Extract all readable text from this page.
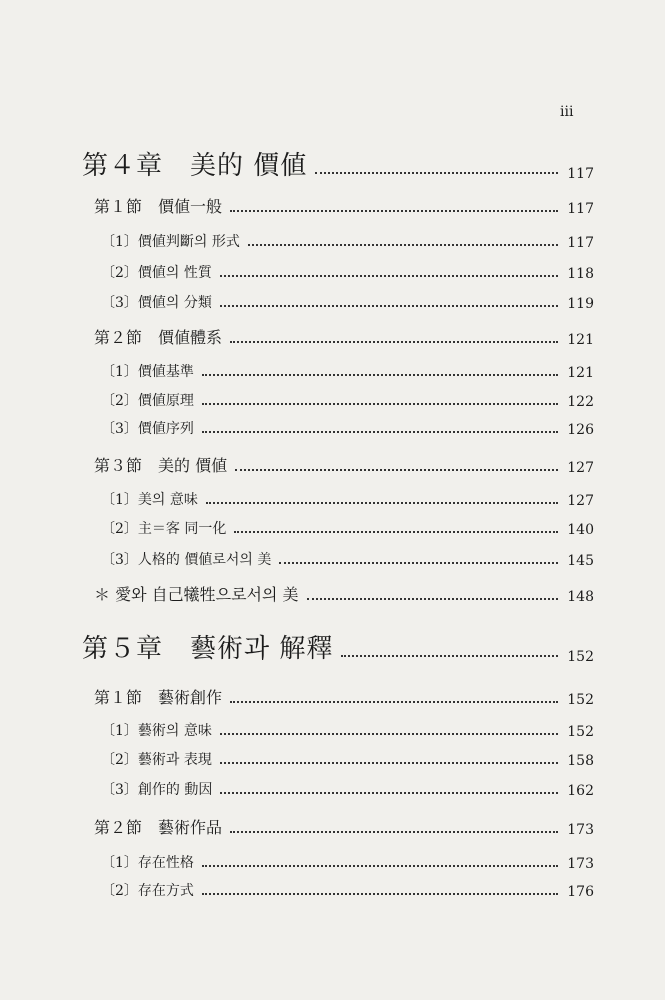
iii
第４章　美的 價値	117
第１節　價値一般	117
〔1〕價値判斷의 形式	117
〔2〕價値의 性質	118
〔3〕價値의 分類	119
第２節　價値體系	121
〔1〕價値基準	121
〔2〕價値原理	122
〔3〕價値序列	126
第３節　美的 價値	127
〔1〕美의 意味	127
〔2〕主＝客 同一化	140
〔3〕人格的 價値로서의 美	145
＊ 愛와 自己犧牲으로서의 美	148
第５章　藝術과 解釋	152
第１節　藝術創作	152
〔1〕藝術의 意味	152
〔2〕藝術과 表現	158
〔3〕創作的 動因	162
第２節　藝術作品	173
〔1〕存在性格	173
〔2〕存在方式	176
